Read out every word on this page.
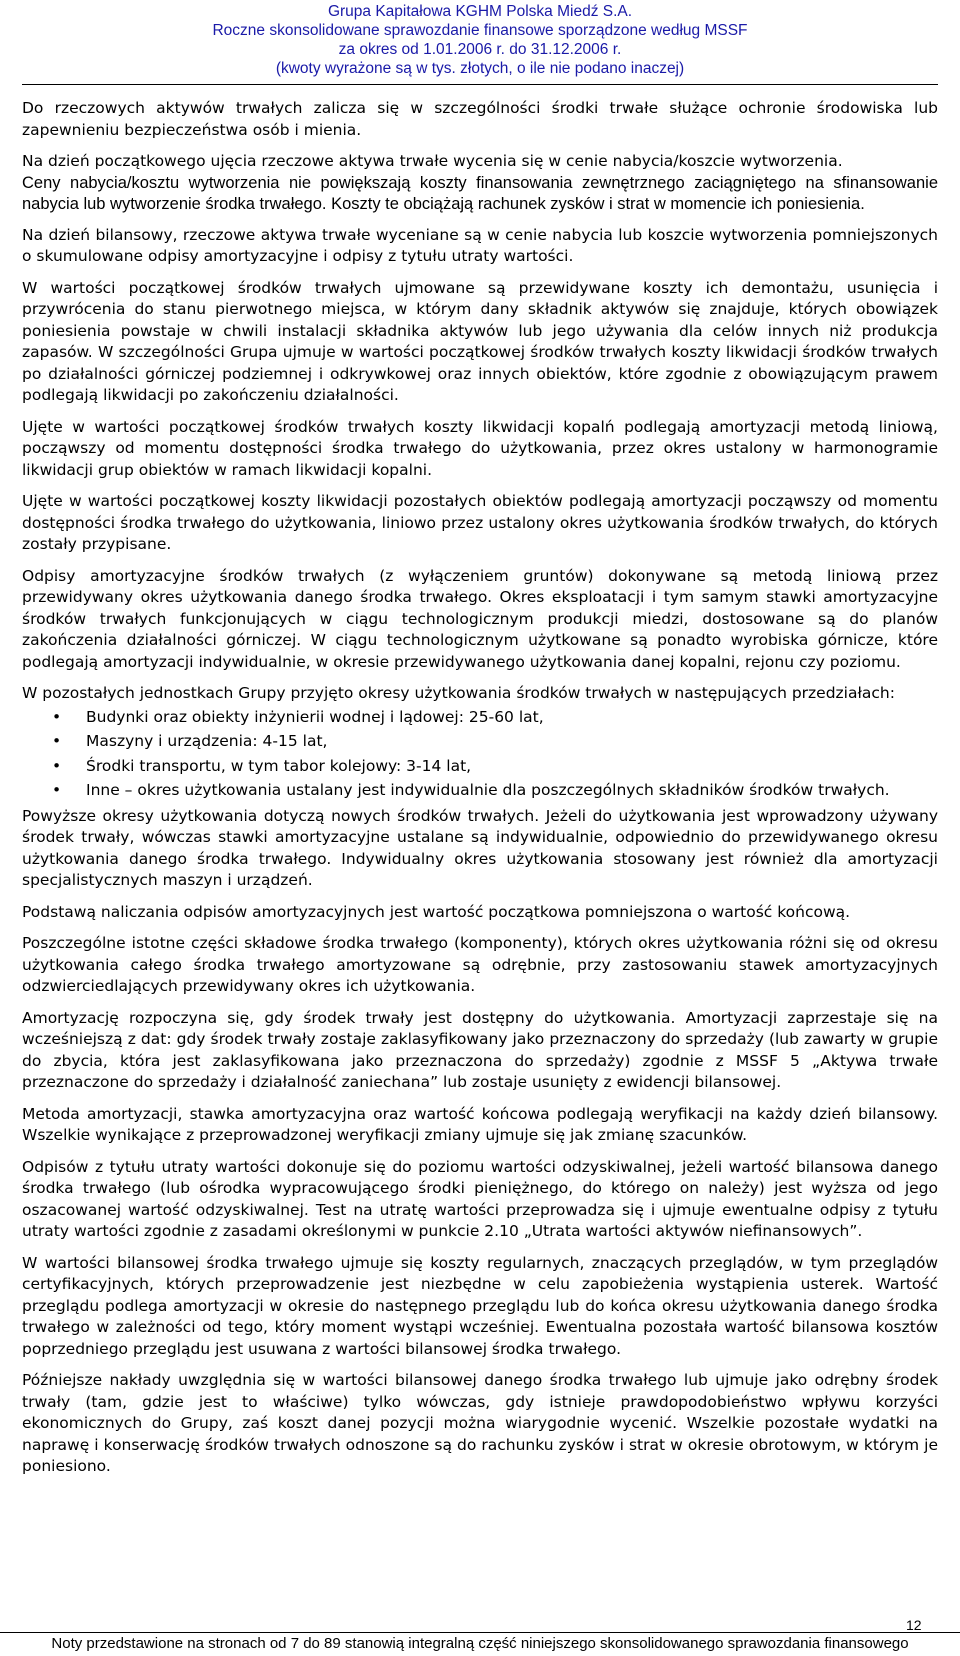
Grupa Kapitałowa KGHM Polska Miedź S.A.
Roczne skonsolidowane sprawozdanie finansowe sporządzone według MSSF
za okres od 1.01.2006 r. do 31.12.2006 r.
(kwoty wyrażone są w tys. złotych, o ile nie podano inaczej)

Do rzeczowych aktywów trwałych zalicza się w szczególności środki trwałe służące ochronie środowiska lub zapewnieniu bezpieczeństwa osób i mienia.

Na dzień początkowego ujęcia rzeczowe aktywa trwałe wycenia się w cenie nabycia/koszcie wytworzenia.

Ceny nabycia/kosztu wytworzenia nie powiększają koszty finansowania zewnętrznego zaciągniętego na sfinansowanie nabycia lub wytworzenie środka trwałego. Koszty te obciążają rachunek zysków i strat w momencie ich poniesienia.

Na dzień bilansowy, rzeczowe aktywa trwałe wyceniane są w cenie nabycia lub koszcie wytworzenia pomniejszonych o skumulowane odpisy amortyzacyjne i odpisy z tytułu utraty wartości.

W wartości początkowej środków trwałych ujmowane są przewidywane koszty ich demontażu, usunięcia i przywrócenia do stanu pierwotnego miejsca, w którym dany składnik aktywów się znajduje, których obowiązek poniesienia powstaje w chwili instalacji składnika aktywów lub jego używania dla celów innych niż produkcja zapasów. W szczególności Grupa ujmuje w wartości początkowej środków trwałych koszty likwidacji środków trwałych po działalności górniczej podziemnej i odkrywkowej oraz innych obiektów, które zgodnie z obowiązującym prawem podlegają likwidacji po zakończeniu działalności.

Ujęte w wartości początkowej środków trwałych koszty likwidacji kopalń podlegają amortyzacji metodą liniową, począwszy od momentu dostępności środka trwałego do użytkowania, przez okres ustalony w harmonogramie likwidacji grup obiektów w ramach likwidacji kopalni.

Ujęte w wartości początkowej koszty likwidacji pozostałych obiektów podlegają amortyzacji począwszy od momentu dostępności środka trwałego do użytkowania, liniowo przez ustalony okres użytkowania środków trwałych, do których zostały przypisane.

Odpisy amortyzacyjne środków trwałych (z wyłączeniem gruntów) dokonywane są metodą liniową przez przewidywany okres użytkowania danego środka trwałego. Okres eksploatacji i tym samym stawki amortyzacyjne środków trwałych funkcjonujących w ciągu technologicznym produkcji miedzi, dostosowane są do planów zakończenia działalności górniczej. W ciągu technologicznym użytkowane są ponadto wyrobiska górnicze, które podlegają amortyzacji indywidualnie, w okresie przewidywanego użytkowania danej kopalni, rejonu czy poziomu.

W pozostałych jednostkach Grupy przyjęto okresy użytkowania środków trwałych w następujących przedziałach:

• Budynki oraz obiekty inżynierii wodnej i lądowej: 25-60 lat,
• Maszyny i urządzenia: 4-15 lat,
• Środki transportu, w tym tabor kolejowy: 3-14 lat,
• Inne – okres użytkowania ustalany jest indywidualnie dla poszczególnych składników środków trwałych.

Powyższe okresy użytkowania dotyczą nowych środków trwałych. Jeżeli do użytkowania jest wprowadzony używany środek trwały, wówczas stawki amortyzacyjne ustalane są indywidualnie, odpowiednio do przewidywanego okresu użytkowania danego środka trwałego. Indywidualny okres użytkowania stosowany jest również dla amortyzacji specjalistycznych maszyn i urządzeń.

Podstawą naliczania odpisów amortyzacyjnych jest wartość początkowa pomniejszona o wartość końcową.

Poszczególne istotne części składowe środka trwałego (komponenty), których okres użytkowania różni się od okresu użytkowania całego środka trwałego amortyzowane są odrębnie, przy zastosowaniu stawek amortyzacyjnych odzwierciedlających przewidywany okres ich użytkowania.

Amortyzację rozpoczyna się, gdy środek trwały jest dostępny do użytkowania. Amortyzacji zaprzestaje się na wcześniejszą z dat: gdy środek trwały zostaje zaklasyfikowany jako przeznaczony do sprzedaży (lub zawarty w grupie do zbycia, która jest zaklasyfikowana jako przeznaczona do sprzedaży) zgodnie z MSSF 5 „Aktywa trwałe przeznaczone do sprzedaży i działalność zaniechana” lub zostaje usunięty z ewidencji bilansowej.

Metoda amortyzacji, stawka amortyzacyjna oraz wartość końcowa podlegają weryfikacji na każdy dzień bilansowy. Wszelkie wynikające z przeprowadzonej weryfikacji zmiany ujmuje się jak zmianę szacunków.

Odpisów z tytułu utraty wartości dokonuje się do poziomu wartości odzyskiwalnej, jeżeli wartość bilansowa danego środka trwałego (lub ośrodka wypracowującego środki pieniężnego, do którego on należy) jest wyższa od jego oszacowanej wartość odzyskiwalnej. Test na utratę wartości przeprowadza się i ujmuje ewentualne odpisy z tytułu utraty wartości zgodnie z zasadami określonymi w punkcie 2.10 „Utrata wartości aktywów niefinansowych”.

W wartości bilansowej środka trwałego ujmuje się koszty regularnych, znaczących przeglądów, w tym przeglądów certyfikacyjnych, których przeprowadzenie jest niezbędne w celu zapobieżenia wystąpienia usterek. Wartość przeglądu podlega amortyzacji w okresie do następnego przeglądu lub do końca okresu użytkowania danego środka trwałego w zależności od tego, który moment wystąpi wcześniej. Ewentualna pozostała wartość bilansowa kosztów poprzedniego przeglądu jest usuwana z wartości bilansowej środka trwałego.

Późniejsze nakłady uwzględnia się w wartości bilansowej danego środka trwałego lub ujmuje jako odrębny środek trwały (tam, gdzie jest to właściwe) tylko wówczas, gdy istnieje prawdopodobieństwo wpływu korzyści ekonomicznych do Grupy, zaś koszt danej pozycji można wiarygodnie wycenić. Wszelkie pozostałe wydatki na naprawę i konserwację środków trwałych odnoszone są do rachunku zysków i strat w okresie obrotowym, w którym je poniesiono.

12
Noty przedstawione na stronach od 7 do 89 stanowią integralną część niniejszego skonsolidowanego sprawozdania finansowego
